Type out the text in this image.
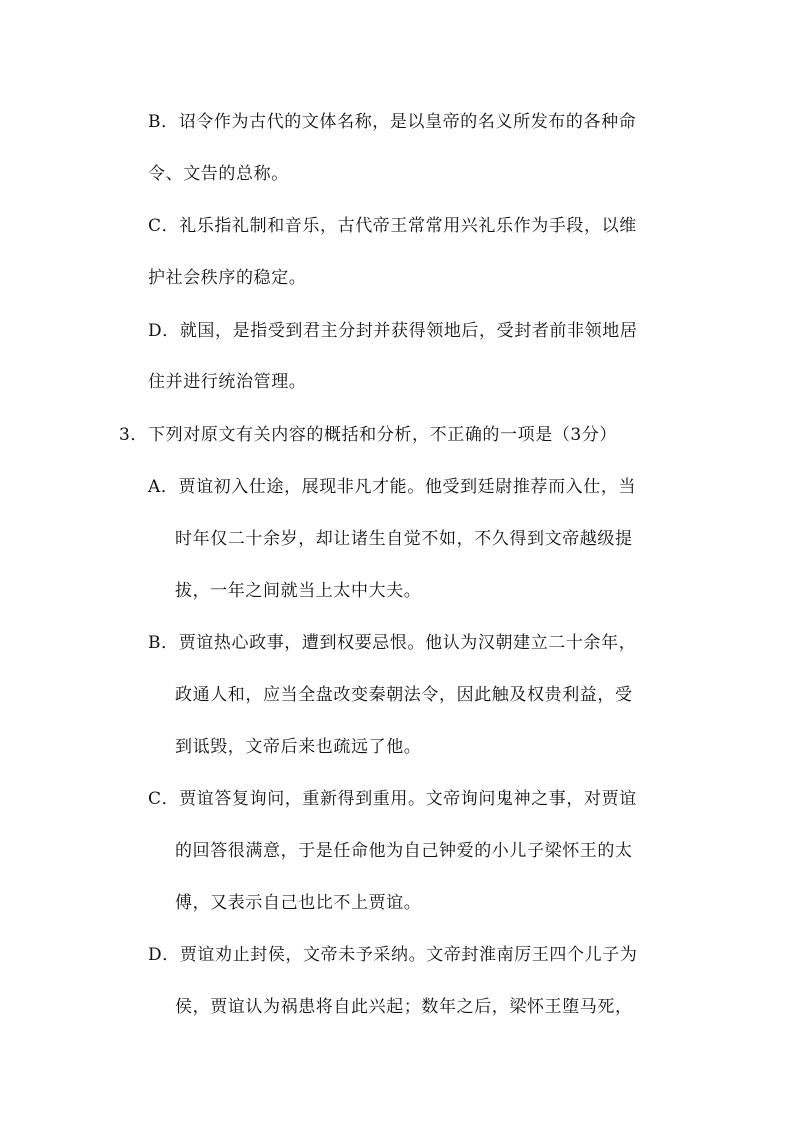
B．诏令作为古代的文体名称，是以皇帝的名义所发布的各种命
令、文告的总称。
C．礼乐指礼制和音乐，古代帝王常常用兴礼乐作为手段，以维
护社会秩序的稳定。
D．就国，是指受到君主分封并获得领地后，受封者前非领地居
住并进行统治管理。
3．下列对原文有关内容的概括和分析，不正确的一项是（3分）
A．贾谊初入仕途，展现非凡才能。他受到廷尉推荐而入仕，当
时年仅二十余岁，却让诸生自觉不如，不久得到文帝越级提
拔，一年之间就当上太中大夫。
B．贾谊热心政事，遭到权要忌恨。他认为汉朝建立二十余年，
政通人和，应当全盘改变秦朝法令，因此触及权贵利益，受
到诋毁，文帝后来也疏远了他。
C．贾谊答复询问，重新得到重用。文帝询问鬼神之事，对贾谊
的回答很满意，于是任命他为自己钟爱的小儿子梁怀王的太
傅，又表示自己也比不上贾谊。
D．贾谊劝止封侯，文帝未予采纳。文帝封淮南厉王四个儿子为
侯，贾谊认为祸患将自此兴起；数年之后，梁怀王堕马死，
